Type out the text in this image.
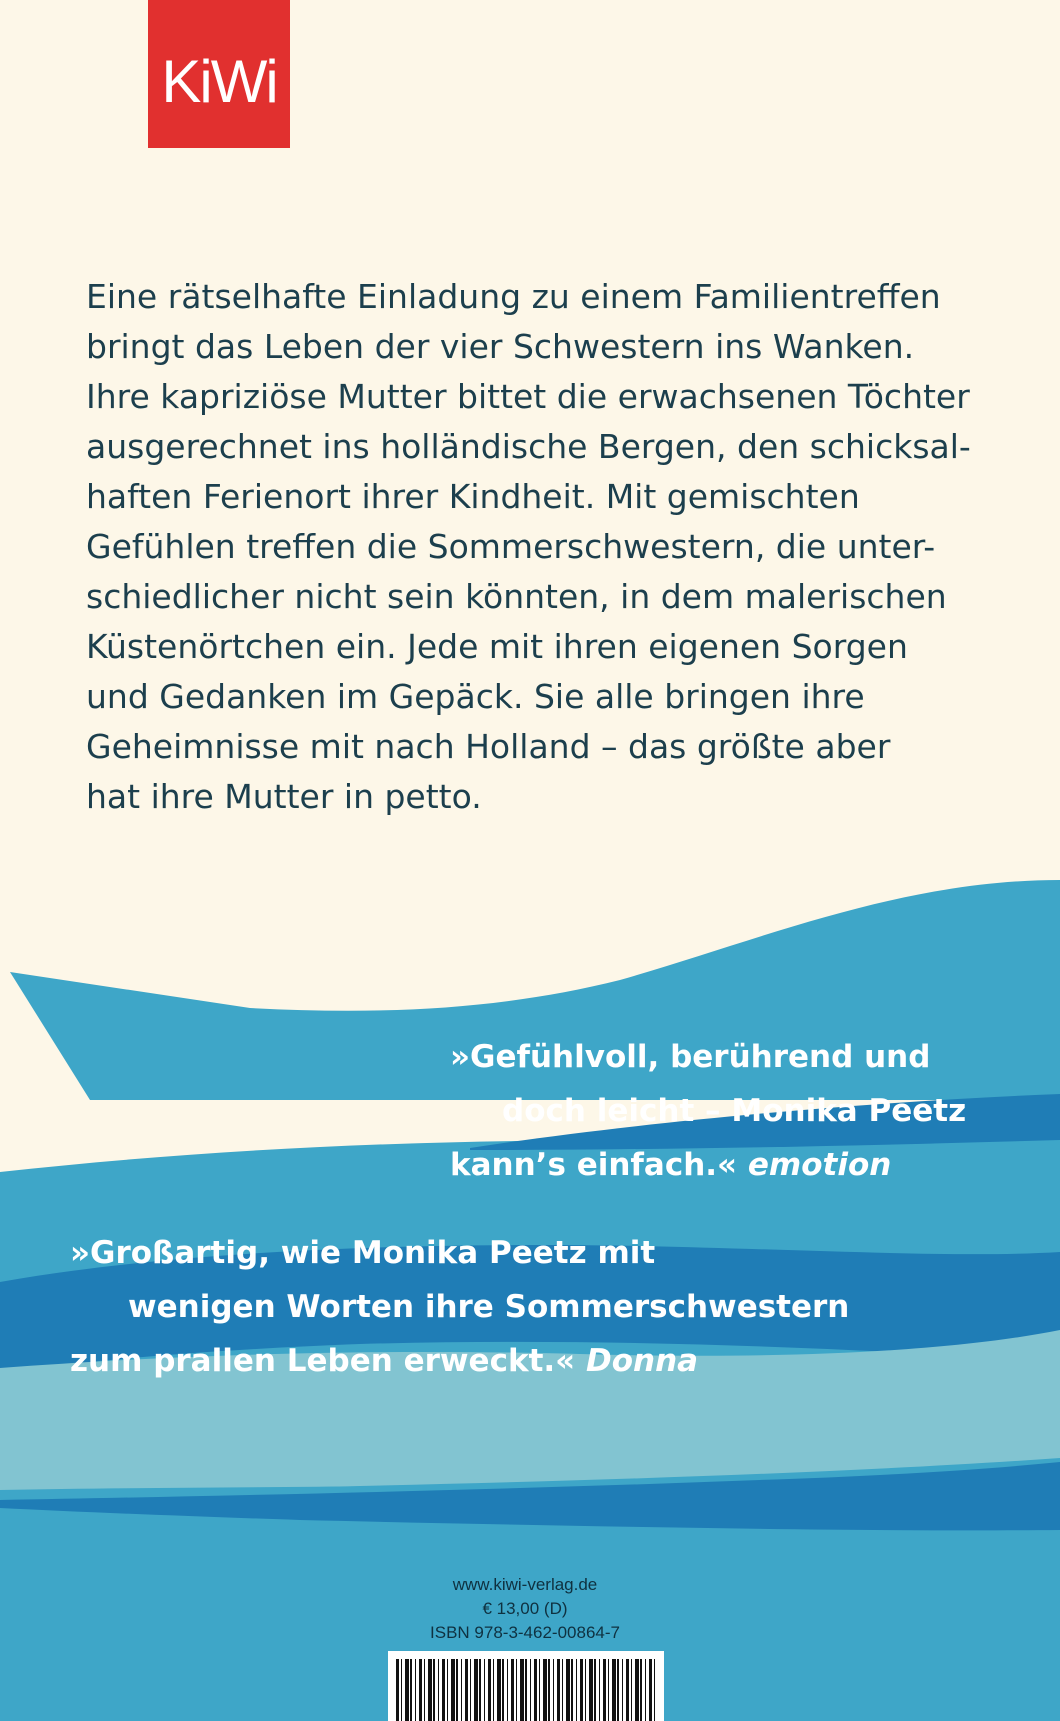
KiWi

Eine rätselhafte Einladung zu einem Familientreffen
bringt das Leben der vier Schwestern ins Wanken.
Ihre kapriziöse Mutter bittet die erwachsenen Töchter
ausgerechnet ins holländische Bergen, den schicksal-
haften Ferienort ihrer Kindheit. Mit gemischten
Gefühlen treffen die Sommerschwestern, die unter-
schiedlicher nicht sein könnten, in dem malerischen
Küstenörtchen ein. Jede mit ihren eigenen Sorgen
und Gedanken im Gepäck. Sie alle bringen ihre
Geheimnisse mit nach Holland – das größte aber
hat ihre Mutter in petto.

»Gefühlvoll, berührend und
doch leicht – Monika Peetz
kann’s einfach.« emotion
»Großartig, wie Monika Peetz mit
wenigen Worten ihre Sommerschwestern
zum prallen Leben erweckt.« Donna
www.kiwi-verlag.de
€ 13,00 (D)
ISBN 978-3-462-00864-7
